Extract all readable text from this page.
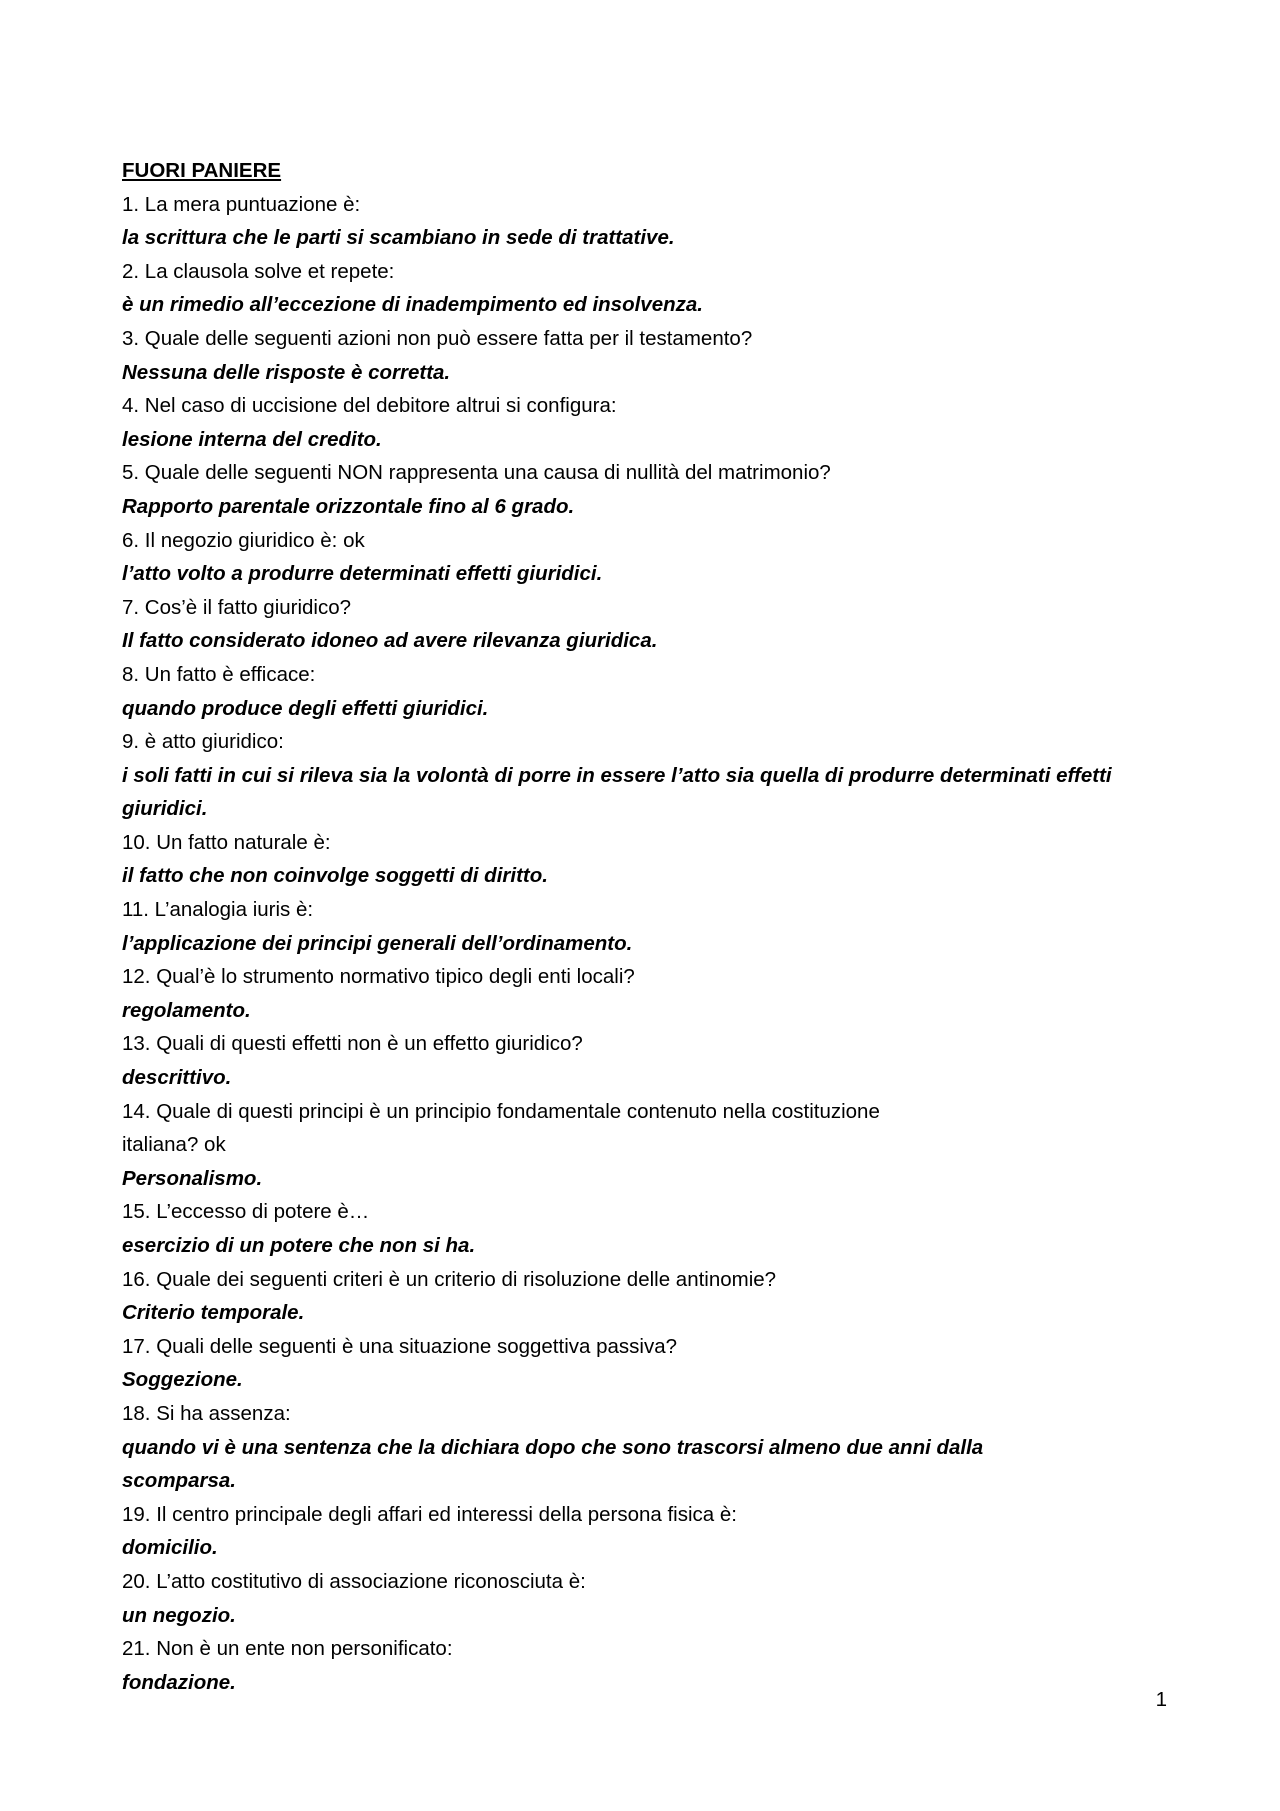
FUORI PANIERE

1. La mera puntuazione è:

la scrittura che le parti si scambiano in sede di trattative.

2. La clausola solve et repete:

è un rimedio all’eccezione di inadempimento ed insolvenza.

3. Quale delle seguenti azioni non può essere fatta per il testamento?

Nessuna delle risposte è corretta.

4. Nel caso di uccisione del debitore altrui si configura:

lesione interna del credito.

5. Quale delle seguenti NON rappresenta una causa di nullità del matrimonio?

Rapporto parentale orizzontale fino al 6 grado.

6. Il negozio giuridico è: ok

l’atto volto a produrre determinati effetti giuridici.

7. Cos’è il fatto giuridico?

Il fatto considerato idoneo ad avere rilevanza giuridica.

8. Un fatto è efficace:

quando produce degli effetti giuridici.

9. è atto giuridico:

i soli fatti in cui si rileva sia la volontà di porre in essere l’atto sia quella di produrre determinati effetti

giuridici.

10. Un fatto naturale è:

il fatto che non coinvolge soggetti di diritto.

11. L’analogia iuris è:

l’applicazione dei principi generali dell’ordinamento.

12. Qual’è lo strumento normativo tipico degli enti locali?

regolamento.

13. Quali di questi effetti non è un effetto giuridico?

descrittivo.

14. Quale di questi principi è un principio fondamentale contenuto nella costituzione

italiana? ok

Personalismo.

15. L’eccesso di potere è…

esercizio di un potere che non si ha.

16. Quale dei seguenti criteri è un criterio di risoluzione delle antinomie?

Criterio temporale.

17. Quali delle seguenti è una situazione soggettiva passiva?

Soggezione.

18. Si ha assenza:

quando vi è una sentenza che la dichiara dopo che sono trascorsi almeno due anni dalla

scomparsa.

19. Il centro principale degli affari ed interessi della persona fisica è:

domicilio.

20. L’atto costitutivo di associazione riconosciuta è:

un negozio.

21. Non è un ente non personificato:

fondazione.

1
